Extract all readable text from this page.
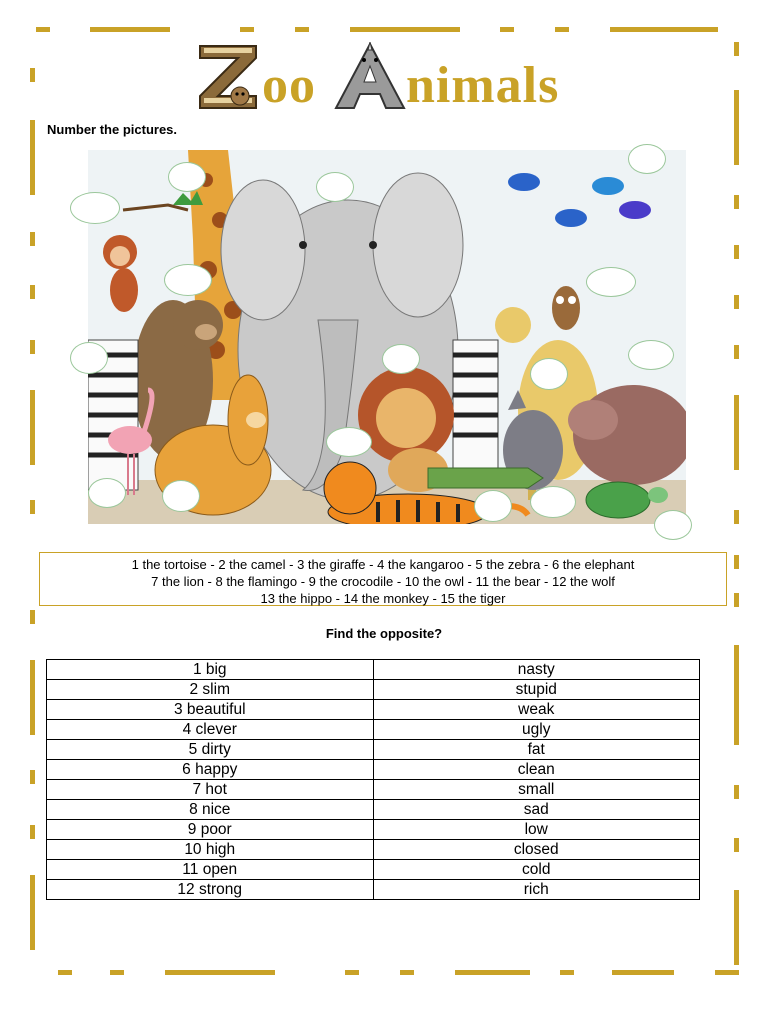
oo nimals
Number the pictures.
1 the tortoise - 2 the camel - 3 the giraffe - 4 the kangaroo - 5 the zebra - 6 the elephant
7 the lion - 8 the flamingo - 9 the crocodile - 10 the owl - 11 the bear - 12 the wolf
13 the hippo - 14 the monkey - 15 the tiger
Find the opposite?
1 big	nasty
2 slim	stupid
3 beautiful	weak
4 clever	ugly
5 dirty	fat
6 happy	clean
7 hot	small
8 nice	sad
9 poor	low
10 high	closed
11 open	cold
12 strong	rich
